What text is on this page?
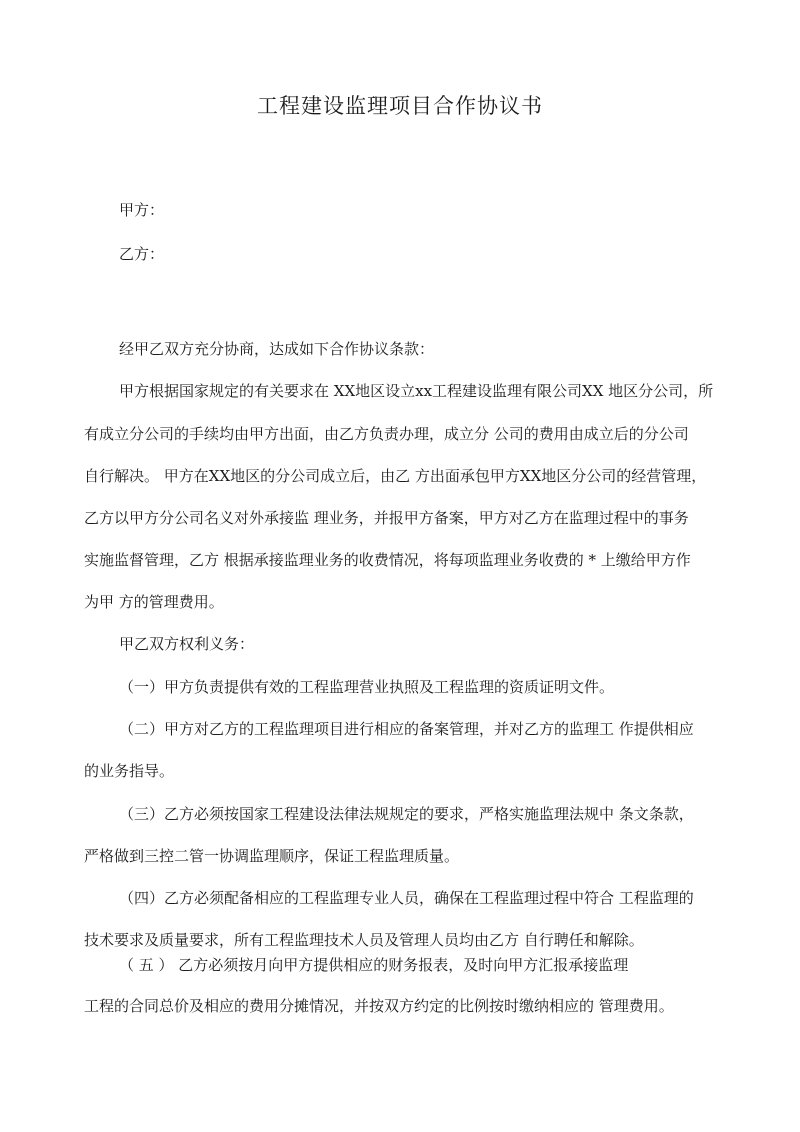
工程建设监理项目合作协议书
甲方：
乙方：
经甲乙双方充分协商，达成如下合作协议条款：
甲方根据国家规定的有关要求在 XX地区设立xx工程建设监理有限公司XX 地区分公司，所
有成立分公司的手续均由甲方出面，由乙方负责办理，成立分 公司的费用由成立后的分公司
自行解决。 甲方在XX地区的分公司成立后，由乙 方出面承包甲方XX地区分公司的经营管理，
乙方以甲方分公司名义对外承接监 理业务，并报甲方备案，甲方对乙方在监理过程中的事务
实施监督管理，乙方 根据承接监理业务的收费情况，将每项监理业务收费的 * 上缴给甲方作
为甲 方的管理费用。
甲乙双方权利义务：
（一）甲方负责提供有效的工程监理营业执照及工程监理的资质证明文件。
（二）甲方对乙方的工程监理项目进行相应的备案管理，并对乙方的监理工 作提供相应
的业务指导。
（三）乙方必须按国家工程建设法律法规规定的要求，严格实施监理法规中 条文条款，
严格做到三控二管一协调监理顺序，保证工程监理质量。
（四）乙方必须配备相应的工程监理专业人员，确保在工程监理过程中符合 工程监理的
技术要求及质量要求，所有工程监理技术人员及管理人员均由乙方 自行聘任和解除。
（ 五 ） 乙方必须按月向甲方提供相应的财务报表，及时向甲方汇报承接监理
工程的合同总价及相应的费用分摊情况，并按双方约定的比例按时缴纳相应的 管理费用。
